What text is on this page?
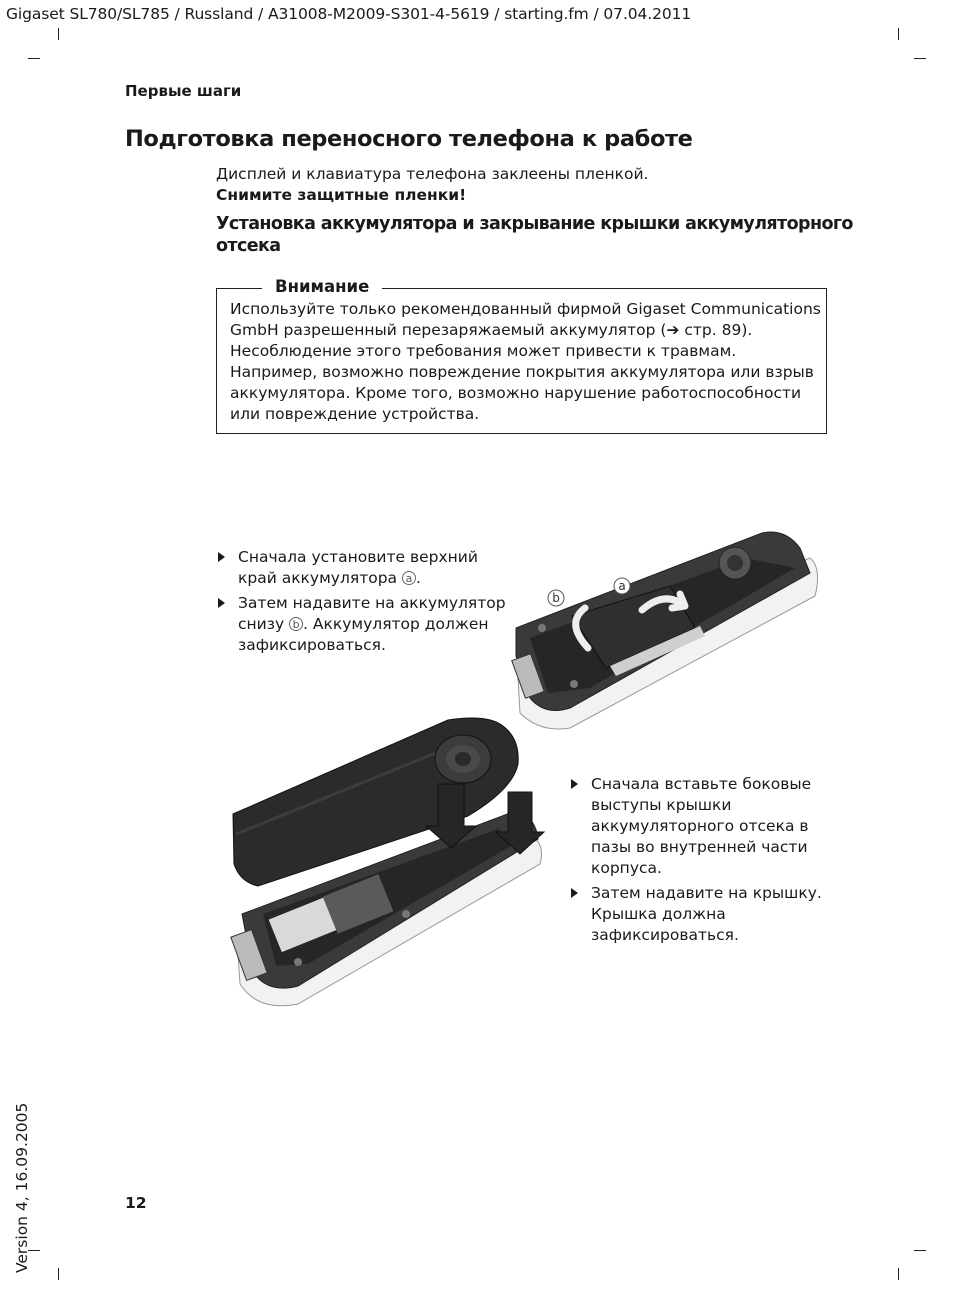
Gigaset SL780/SL785 / Russland / A31008-M2009-S301-4-5619 / starting.fm / 07.04.2011
Первые шаги
Подготовка переносного телефона к работе
Дисплей и клавиатура телефона заклеены пленкой.
Снимите защитные пленки!
Установка аккумулятора и закрывание крышки аккумуляторного отсека
Внимание
Используйте только рекомендованный фирмой Gigaset Communications GmbH разрешенный перезаряжаемый аккумулятор (➔ стр. 89). Несоблюдение этого требования может привести к травмам. Например, возможно повреждение покрытия аккумулятора или взрыв аккумулятора. Кроме того, возможно нарушение работоспособности или повреждение устройства.
Сначала установите верхний край аккумулятора a .
Затем надавите на аккумулятор снизу b . Аккумулятор должен зафиксироваться.
a
b
Сначала вставьте боковые выступы крышки аккумуляторного отсека в пазы во внутренней части корпуса.
Затем надавите на крышку. Крышка должна зафиксироваться.
12
Version 4, 16.09.2005
